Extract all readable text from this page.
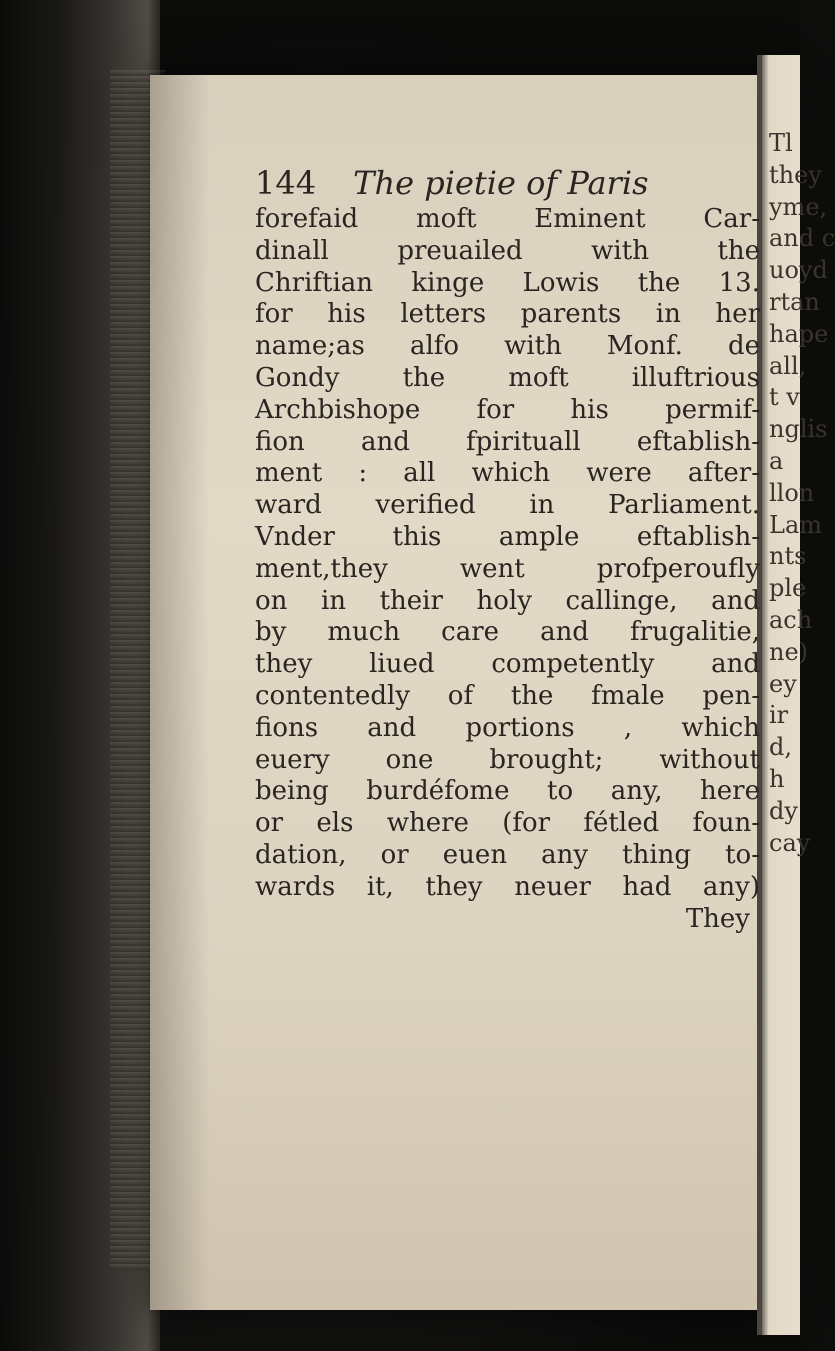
Tl
they
yme,
and c
uoyd
rtan
hape
all,
t v
nglis
a
llon
Lam
nts
ple
ach
ne)
ey
ir
d,
h
dy
cay
144 The pietie of Paris
forefaid moft Eminent Car-
dinall preuailed with the
Chriftian kinge Lowis the 13.
for his letters parents in her
name;as alfo with Monf. de
Gondy the moft illuftrious
Archbishope for his permif-
fion and fpirituall eftablish-
ment : all which were after-
ward verified in Parliament.
Vnder this ample eftablish-
ment,they went profperoufly
on in their holy callinge, and
by much care and frugalitie,
they liued competently and
contentedly of the fmale pen-
fions and portions , which
euery one brought; without
being burdéfome to any, here
or els where (for fétled foun-
dation, or euen any thing to-
wards it, they neuer had any)
They
